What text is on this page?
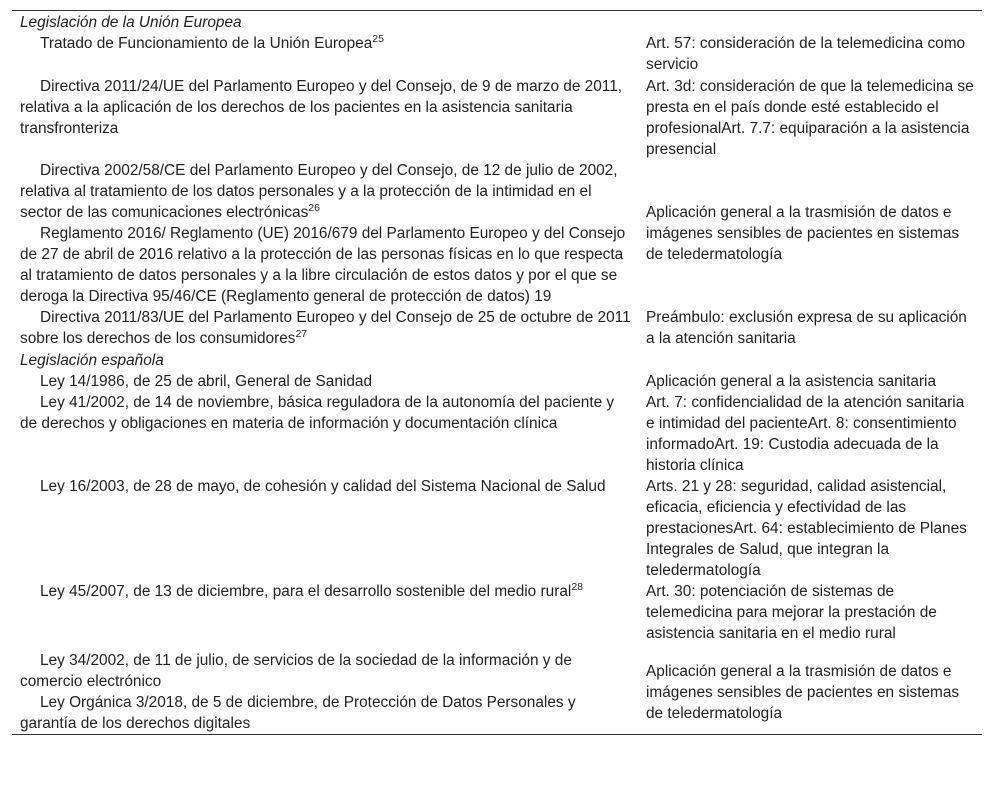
Legislación de la Unión Europea	
Tratado de Funcionamiento de la Unión Europea$^{25}$	Art. 57: consideración de la telemedicina como servicio

Directiva 2011/24/UE del Parlamento Europeo y del Consejo, de 9 de marzo de 2011, relativa a la aplicación de los derechos de los pacientes en la asistencia sanitaria transfronteriza	Art. 3d: consideración de que la telemedicina se presta en el país donde esté establecido el profesionalArt. 7.7: equiparación a la asistencia presencial

Directiva 2002/58/CE del Parlamento Europeo y del Consejo, de 12 de julio de 2002, relativa al tratamiento de los datos personales y a la protección de la intimidad en el sector de las comunicaciones electrónicas$^{26}$	Aplicación general a la trasmisión de datos e imágenes sensibles de pacientes en sistemas de teledermatología

Reglamento 2016/ Reglamento (UE) 2016/679 del Parlamento Europeo y del Consejo de 27 de abril de 2016 relativo a la protección de las personas físicas en lo que respecta al tratamiento de datos personales y a la libre circulación de estos datos y por el que se deroga la Directiva 95/46/CE (Reglamento general de protección de datos) 19	

Directiva 2011/83/UE del Parlamento Europeo y del Consejo de 25 de octubre de 2011 sobre los derechos de los consumidores$^{27}$	Preámbulo: exclusión expresa de su aplicación a la atención sanitaria

Legislación española	
Ley 14/1986, de 25 de abril, General de Sanidad	Aplicación general a la asistencia sanitaria

Ley 41/2002, de 14 de noviembre, básica reguladora de la autonomía del paciente y de derechos y obligaciones en materia de información y documentación clínica	Art. 7: confidencialidad de la atención sanitaria e intimidad del pacienteArt. 8: consentimiento informadoArt. 19: Custodia adecuada de la historia clínica

Ley 16/2003, de 28 de mayo, de cohesión y calidad del Sistema Nacional de Salud	Arts. 21 y 28: seguridad, calidad asistencial, eficacia, eficiencia y efectividad de las prestacionesArt. 64: establecimiento de Planes Integrales de Salud, que integran la teledermatología

Ley 45/2007, de 13 de diciembre, para el desarrollo sostenible del medio rural$^{28}$	Art. 30: potenciación de sistemas de telemedicina para mejorar la prestación de asistencia sanitaria en el medio rural

Ley 34/2002, de 11 de julio, de servicios de la sociedad de la información y de comercio electrónico	Aplicación general a la trasmisión de datos e imágenes sensibles de pacientes en sistemas de teledermatología

Ley Orgánica 3/2018, de 5 de diciembre, de Protección de Datos Personales y garantía de los derechos digitales	
